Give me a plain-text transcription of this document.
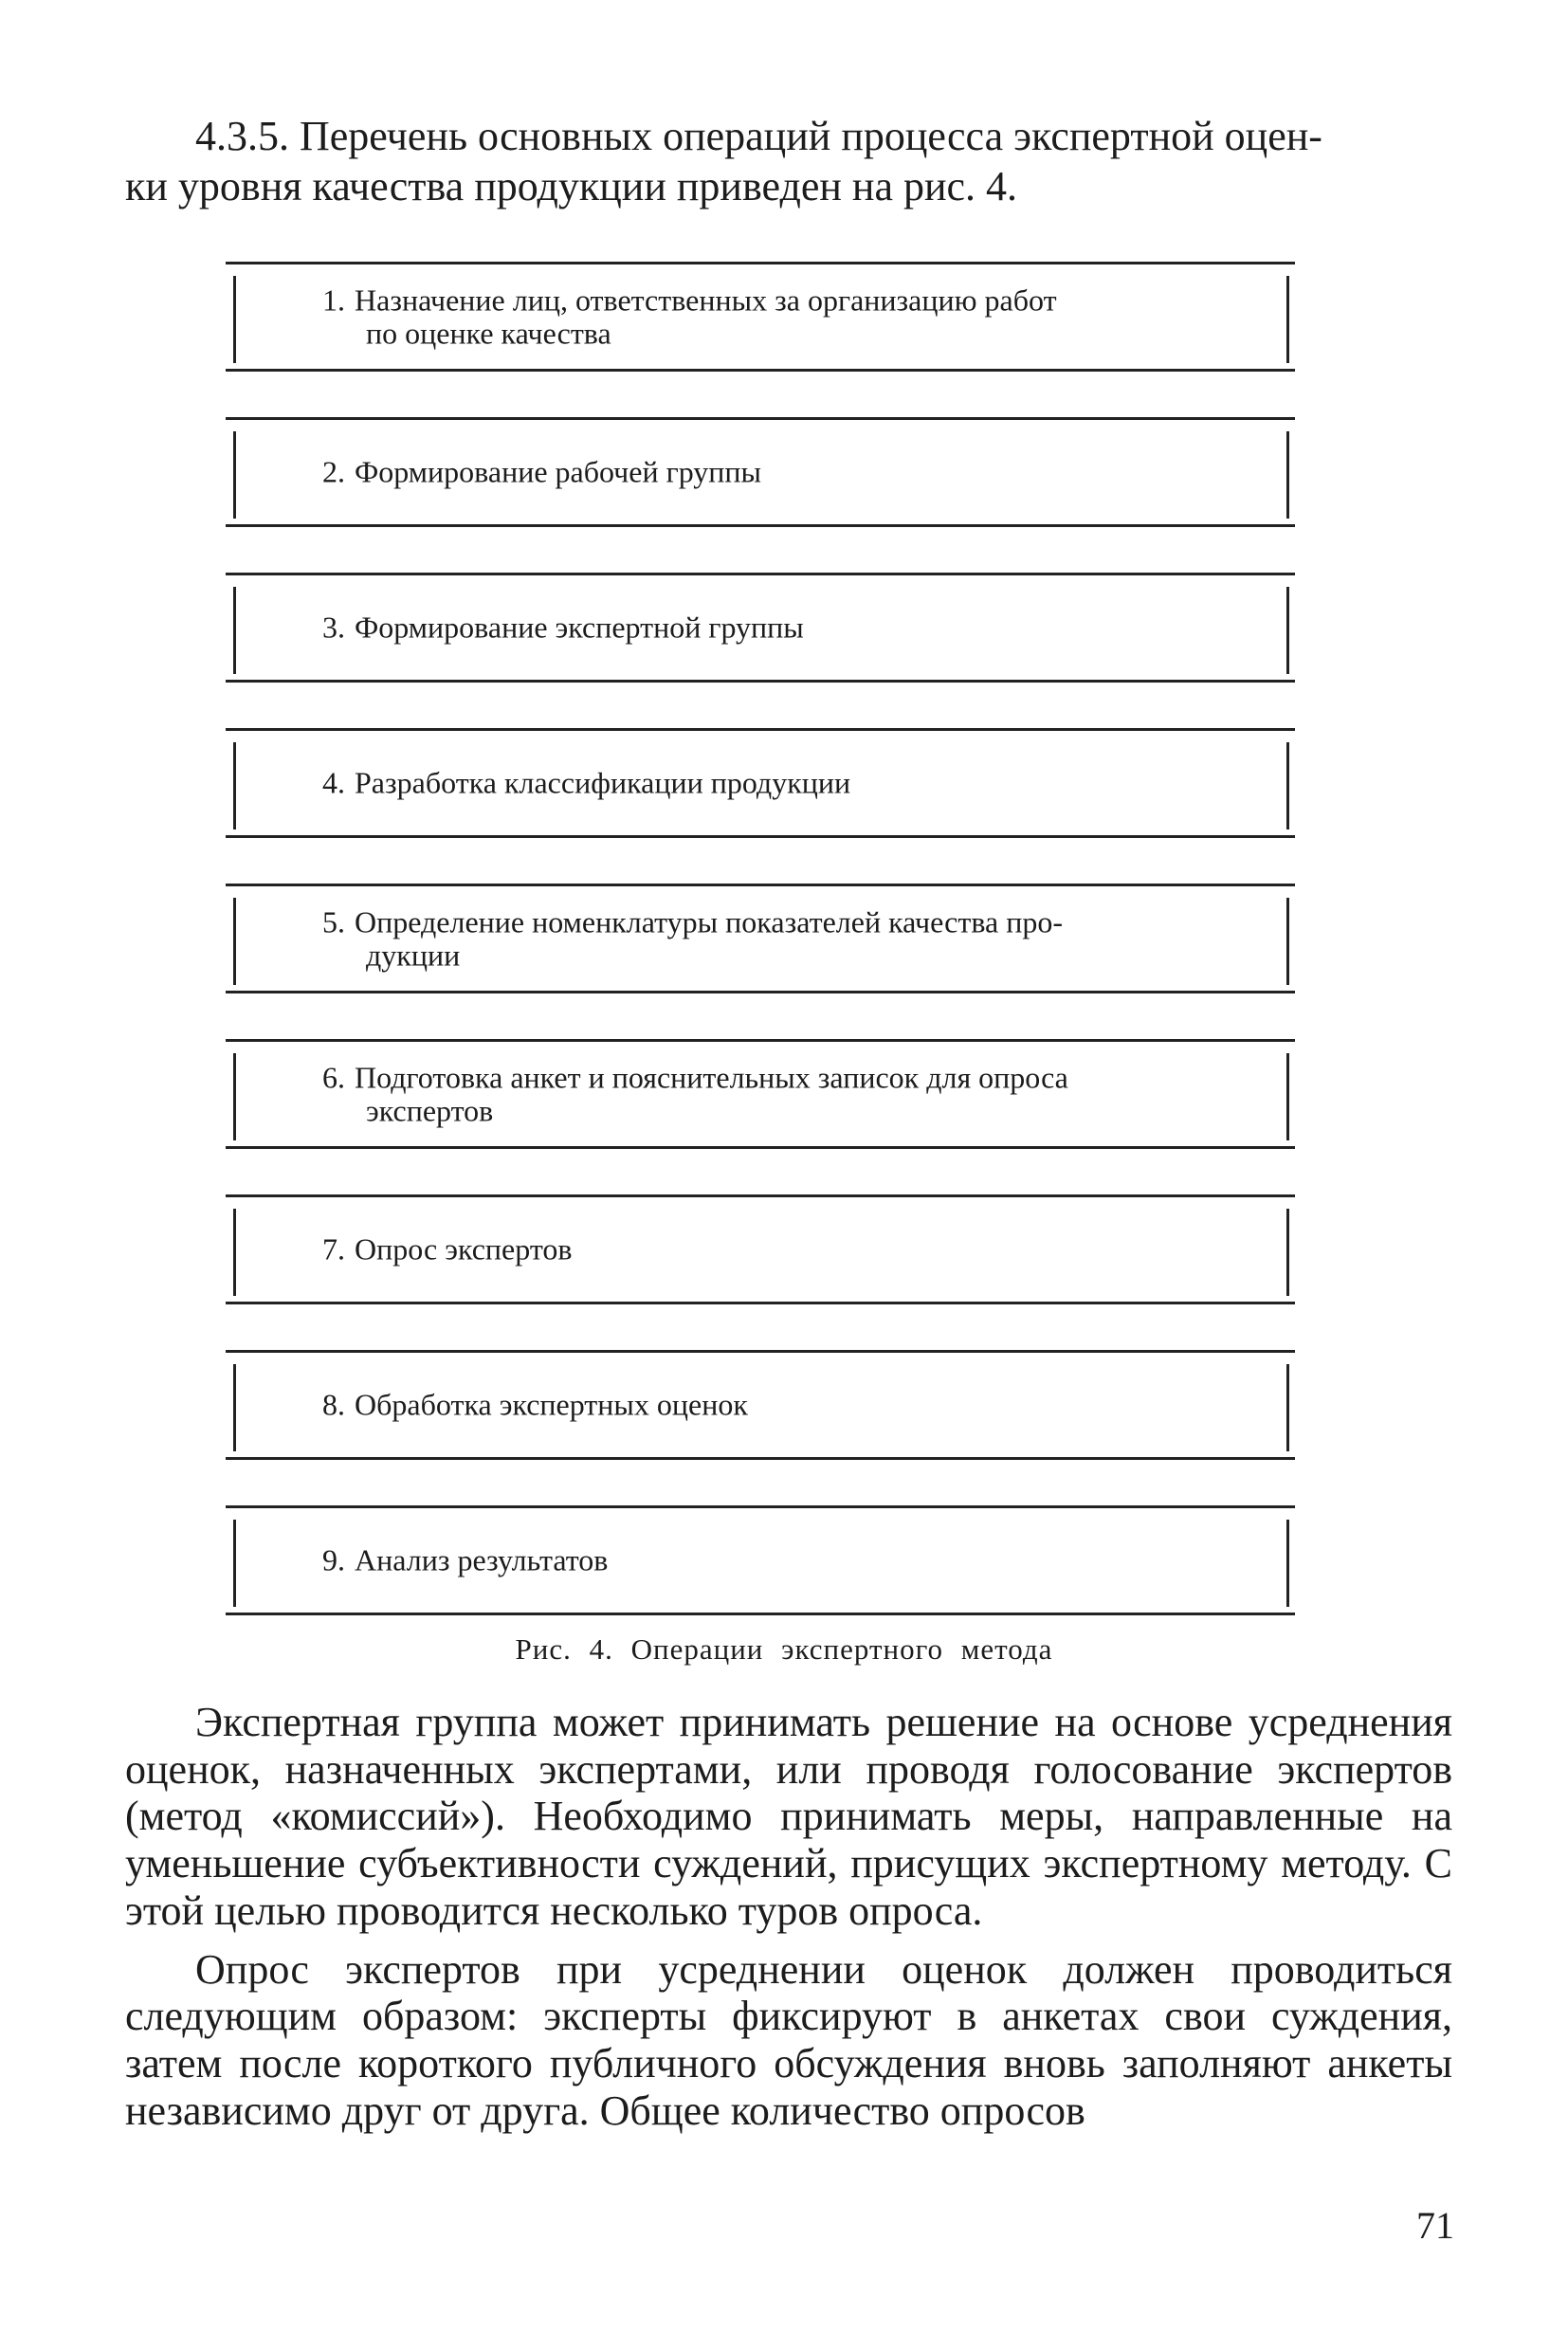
4.3.5. Перечень основных операций процесса экспертной оцен-
ки уровня качества продукции приведен на рис. 4.

1. Назначение лиц, ответственных за организацию работ
по оценке качества
2. Формирование рабочей группы
3. Формирование экспертной группы
4. Разработка классификации продукции
5. Определение номенклатуры показателей качества про-
дукции
6. Подготовка анкет и пояснительных записок для опроса
экспертов
7. Опрос экспертов
8. Обработка экспертных оценок
9. Анализ результатов

Рис. 4. Операции экспертного метода

Экспертная группа может принимать решение на основе усреднения оценок, назначенных экспертами, или проводя голосование экспертов (метод «комиссий»). Необходимо принимать меры, направленные на уменьшение субъективности суждений, присущих экспертному методу. С этой целью проводится несколько туров опроса.

Опрос экспертов при усреднении оценок должен проводиться следующим образом: эксперты фиксируют в анкетах свои суждения, затем после короткого публичного обсуждения вновь заполняют анкеты независимо друг от друга. Общее количество опросов

71
